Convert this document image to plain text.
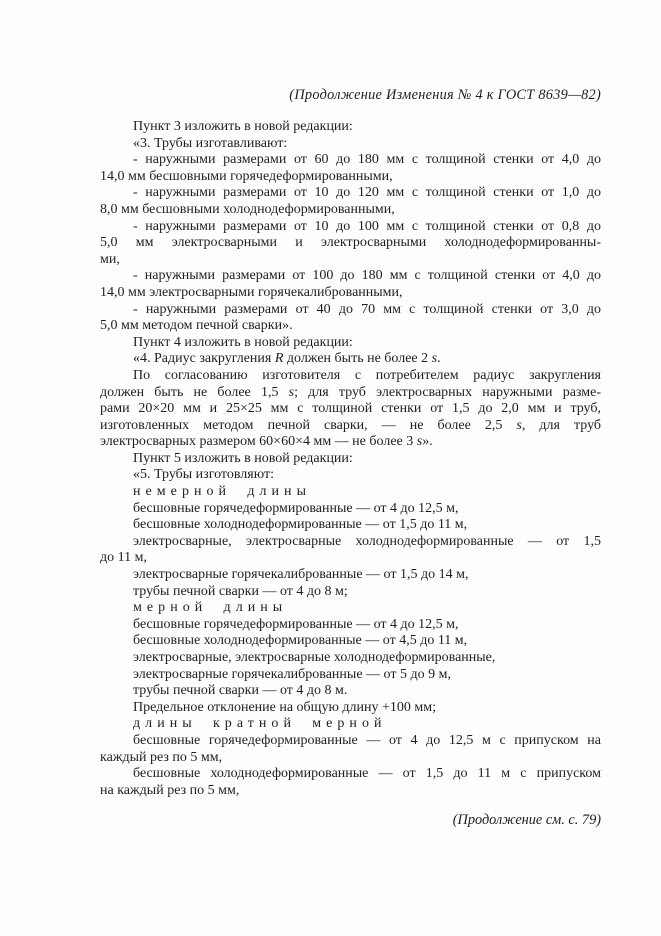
(Продолжение Изменения № 4 к ГОСТ 8639—82)
Пункт 3 изложить в новой редакции:
«3. Трубы изготавливают:
- наружными размерами от 60 до 180 мм с толщиной стенки от 4,0 до
14,0 мм бесшовными горячедеформированными,
- наружными размерами от 10 до 120 мм с толщиной стенки от 1,0 до
8,0 мм бесшовными холоднодеформированными,
- наружными размерами от 10 до 100 мм с толщиной стенки от 0,8 до
5,0 мм электросварными и электросварными холоднодеформированны-
ми,
- наружными размерами от 100 до 180 мм с толщиной стенки от 4,0 до
14,0 мм электросварными горячекалиброванными,
- наружными размерами от 40 до 70 мм с толщиной стенки от 3,0 до
5,0 мм методом печной сварки».
Пункт 4 изложить в новой редакции:
«4. Радиус закругления R должен быть не более 2 s.
По согласованию изготовителя с потребителем радиус закругления
должен быть не более 1,5 s; для труб электросварных наружными разме-
рами 20×20 мм и 25×25 мм с толщиной стенки от 1,5 до 2,0 мм и труб,
изготовленных методом печной сварки, — не более 2,5 s, для труб
электросварных размером 60×60×4 мм — не более 3 s».
Пункт 5 изложить в новой редакции:
«5. Трубы изготовляют:
немерной длины
бесшовные горячедеформированные — от 4 до 12,5 м,
бесшовные холоднодеформированные — от 1,5 до 11 м,
электросварные, электросварные холоднодеформированные — от 1,5
до 11 м,
электросварные горячекалиброванные — от 1,5 до 14 м,
трубы печной сварки — от 4 до 8 м;
мерной длины
бесшовные горячедеформированные — от 4 до 12,5 м,
бесшовные холоднодеформированные — от 4,5 до 11 м,
электросварные, электросварные холоднодеформированные,
электросварные горячекалиброванные — от 5 до 9 м,
трубы печной сварки — от 4 до 8 м.
Предельное отклонение на общую длину +100 мм;
длины кратной мерной
бесшовные горячедеформированные — от 4 до 12,5 м с припуском на
каждый рез по 5 мм,
бесшовные холоднодеформированные — от 1,5 до 11 м с припуском
на каждый рез по 5 мм,
(Продолжение см. с. 79)
